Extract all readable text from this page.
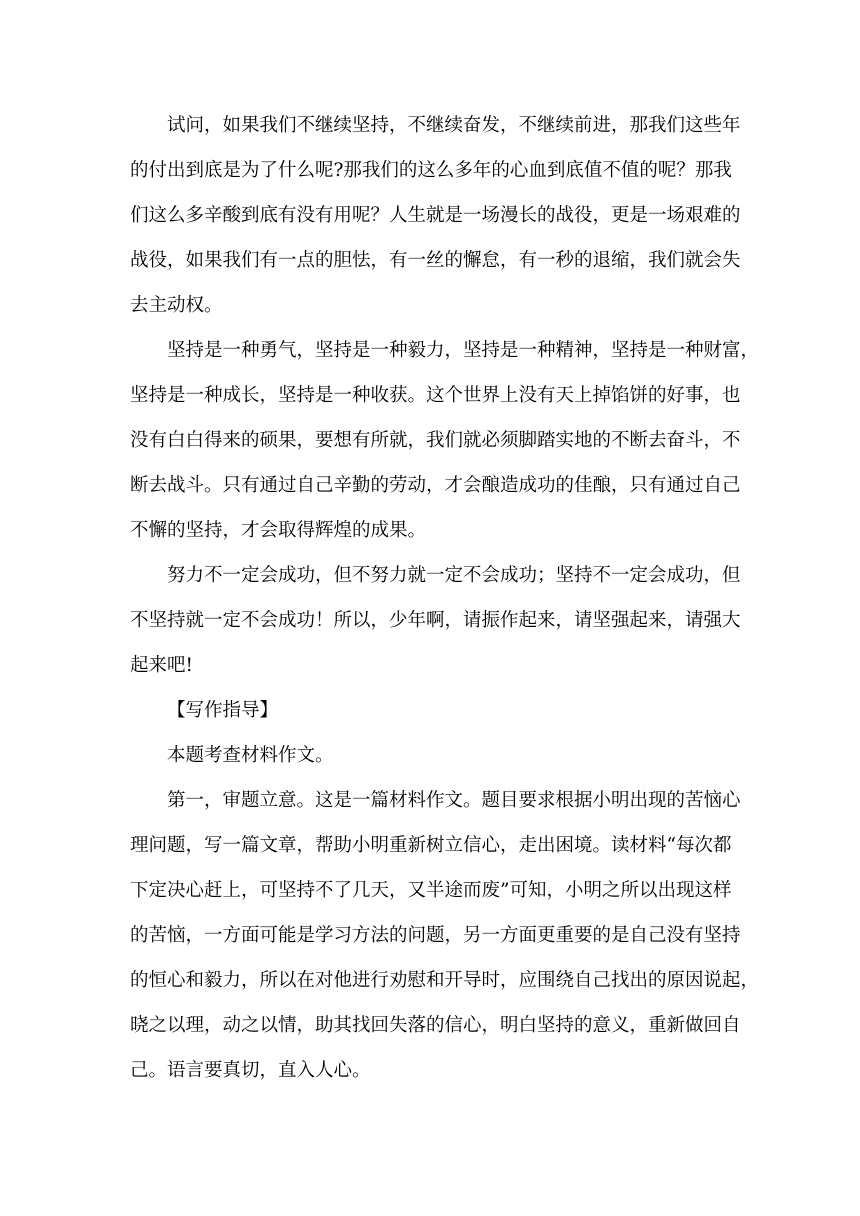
试问，如果我们不继续坚持，不继续奋发，不继续前进，那我们这些年
的付出到底是为了什么呢?那我们的这么多年的心血到底值不值的呢？那我
们这么多辛酸到底有没有用呢？人生就是一场漫长的战役，更是一场艰难的
战役，如果我们有一点的胆怯，有一丝的懈怠，有一秒的退缩，我们就会失
去主动权。
坚持是一种勇气，坚持是一种毅力，坚持是一种精神，坚持是一种财富，
坚持是一种成长，坚持是一种收获。这个世界上没有天上掉馅饼的好事，也
没有白白得来的硕果，要想有所就，我们就必须脚踏实地的不断去奋斗，不
断去战斗。只有通过自己辛勤的劳动，才会酿造成功的佳酿，只有通过自己
不懈的坚持，才会取得辉煌的成果。
努力不一定会成功，但不努力就一定不会成功；坚持不一定会成功，但
不坚持就一定不会成功！所以，少年啊，请振作起来，请坚强起来，请强大
起来吧!
【写作指导】
本题考查材料作文。
第一，审题立意。这是一篇材料作文。题目要求根据小明出现的苦恼心
理问题，写一篇文章，帮助小明重新树立信心，走出困境。读材料“每次都
下定决心赶上，可坚持不了几天，又半途而废”可知，小明之所以出现这样
的苦恼，一方面可能是学习方法的问题，另一方面更重要的是自己没有坚持
的恒心和毅力，所以在对他进行劝慰和开导时，应围绕自己找出的原因说起，
晓之以理，动之以情，助其找回失落的信心，明白坚持的意义，重新做回自
己。语言要真切，直入人心。
